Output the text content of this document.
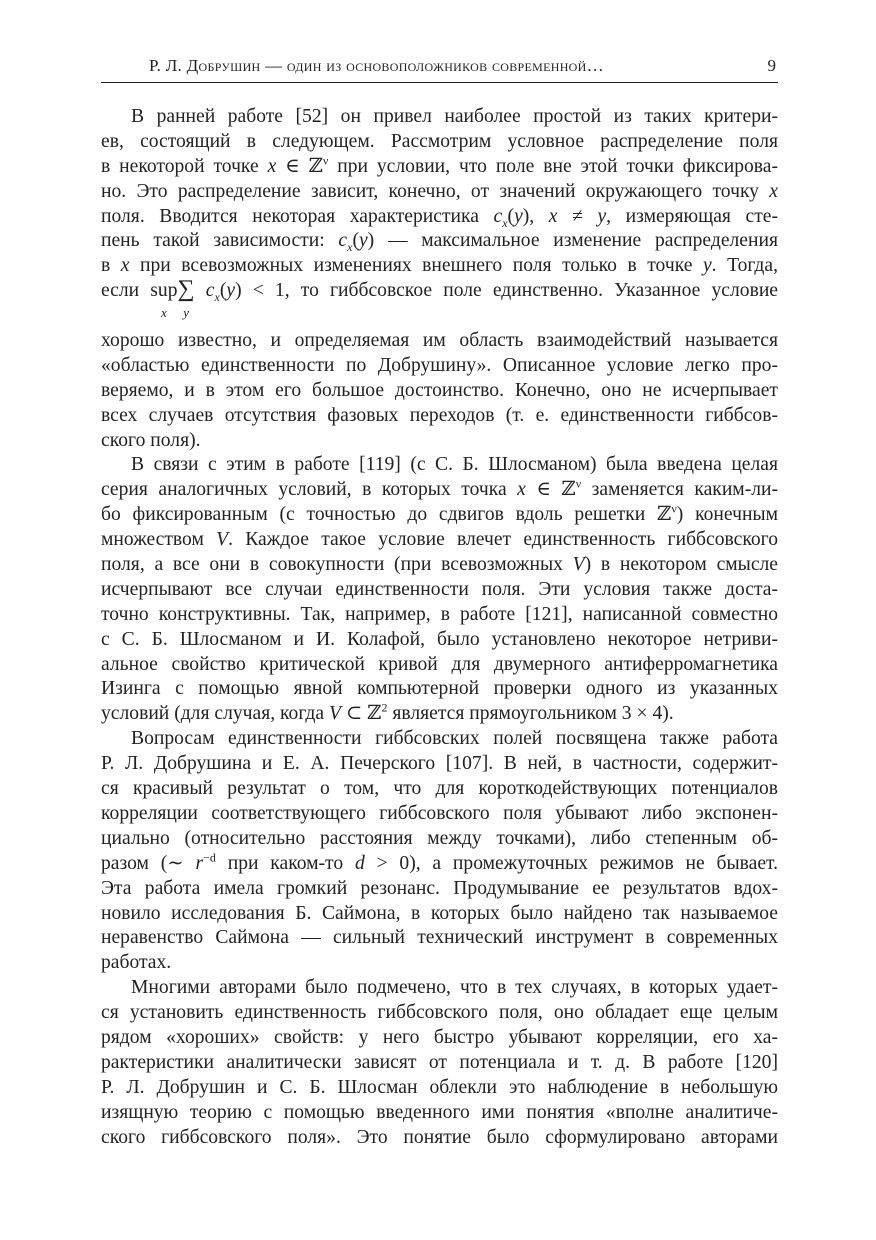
Р. Л. Добрушин — один из основоположников современной…	9
В ранней работе [52] он привел наиболее простой из таких критери-
ев, состоящий в следующем. Рассмотрим условное распределение поля
в некоторой точке x ∈ ℤ$^\nu$ при условии, что поле вне этой точки фиксирова-
но. Это распределение зависит, конечно, от значений окружающего точку x
поля. Вводится некоторая характеристика $c_x(y)$, x ≠ y, измеряющая сте-
пень такой зависимости: $c_x(y)$ — максимальное изменение распределения
в x при всевозможных изменениях внешнего поля только в точке y. Тогда,
если sup
x
∑
y
$c_x(y) < 1$, то гиббсовское поле единственно. Указанное условие
хорошо известно, и определяемая им область взаимодействий называется
«областью единственности по Добрушину». Описанное условие легко про-
веряемо, и в этом его большое достоинство. Конечно, оно не исчерпывает
всех случаев отсутствия фазовых переходов (т. е. единственности гиббсов-
ского поля).
В связи с этим в работе [119] (с С. Б. Шлосманом) была введена целая
серия аналогичных условий, в которых точка x ∈ ℤ$^\nu$ заменяется каким-ли-
бо фиксированным (с точностью до сдвигов вдоль решетки ℤ$^\nu$) конечным
множеством V. Каждое такое условие влечет единственность гиббсовского
поля, а все они в совокупности (при всевозможных V) в некотором смысле
исчерпывают все случаи единственности поля. Эти условия также доста-
точно конструктивны. Так, например, в работе [121], написанной совместно
с С. Б. Шлосманом и И. Колафой, было установлено некоторое нетриви-
альное свойство критической кривой для двумерного антиферромагнетика
Изинга с помощью явной компьютерной проверки одного из указанных
условий (для случая, когда V ⊂ ℤ$^2$ является прямоугольником 3 × 4).
Вопросам единственности гиббсовских полей посвящена также работа
Р. Л. Добрушина и Е. А. Печерского [107]. В ней, в частности, содержит-
ся красивый результат о том, что для короткодействующих потенциалов
корреляции соответствующего гиббсовского поля убывают либо экспонен-
циально (относительно расстояния между точками), либо степенным об-
разом (∼ $r^{-d}$ при каком-то d > 0), а промежуточных режимов не бывает.
Эта работа имела громкий резонанс. Продумывание ее результатов вдох-
новило исследования Б. Саймона, в которых было найдено так называемое
неравенство Саймона — сильный технический инструмент в современных
работах.
Многими авторами было подмечено, что в тех случаях, в которых удает-
ся установить единственность гиббсовского поля, оно обладает еще целым
рядом «хороших» свойств: у него быстро убывают корреляции, его ха-
рактеристики аналитически зависят от потенциала и т. д. В работе [120]
Р. Л. Добрушин и С. Б. Шлосман облекли это наблюдение в небольшую
изящную теорию с помощью введенного ими понятия «вполне аналитиче-
ского гиббсовского поля». Это понятие было сформулировано авторами
